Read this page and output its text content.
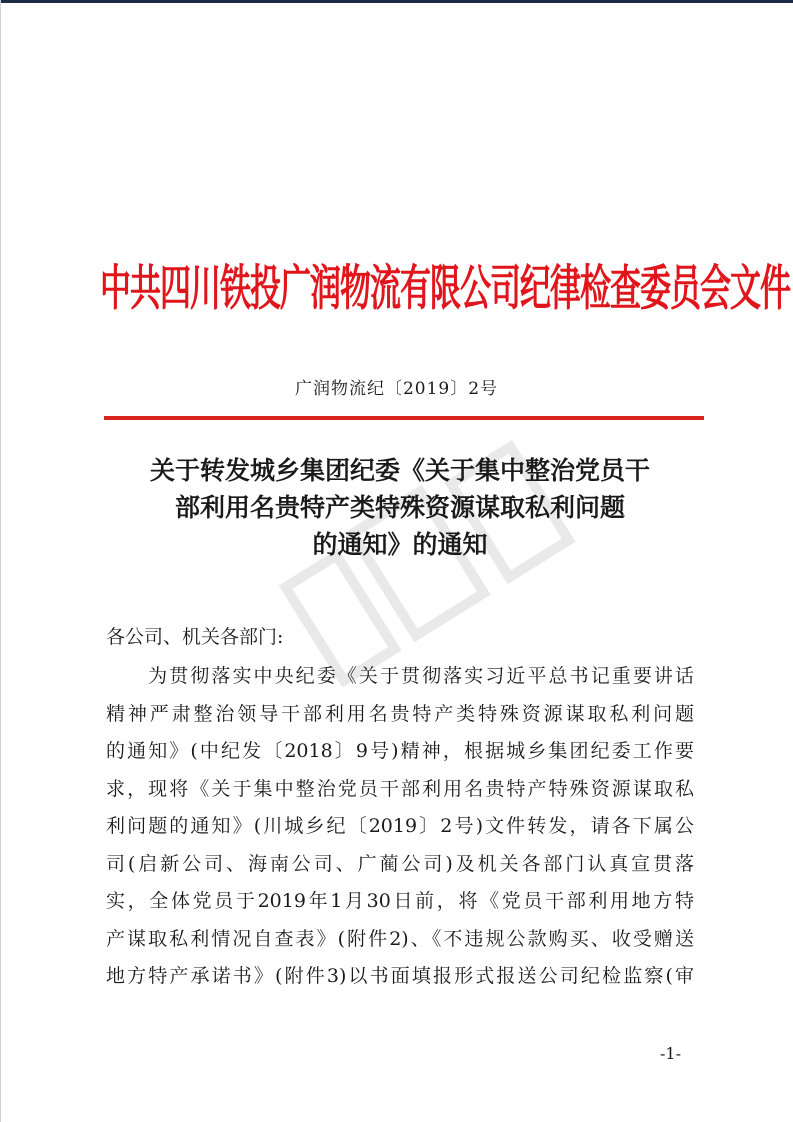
中共四川铁投广润物流有限公司纪律检查委员会文件
广润物流纪〔2019〕2号
关于转发城乡集团纪委《关于集中整治党员干
部利用名贵特产类特殊资源谋取私利问题
的通知》的通知
各公司、机关各部门:
　　为贯彻落实中央纪委《关于贯彻落实习近平总书记重要讲话
精神严肃整治领导干部利用名贵特产类特殊资源谋取私利问题
的通知》(中纪发〔2018〕9号)精神，根据城乡集团纪委工作要
求，现将《关于集中整治党员干部利用名贵特产特殊资源谋取私
利问题的通知》(川城乡纪〔2019〕2号)文件转发，请各下属公
司(启新公司、海南公司、广蔺公司)及机关各部门认真宣贯落
实，全体党员于2019年1月30日前，将《党员干部利用地方特
产谋取私利情况自查表》(附件2)、《不违规公款购买、收受赠送
地方特产承诺书》(附件3)以书面填报形式报送公司纪检监察(审
-1-
